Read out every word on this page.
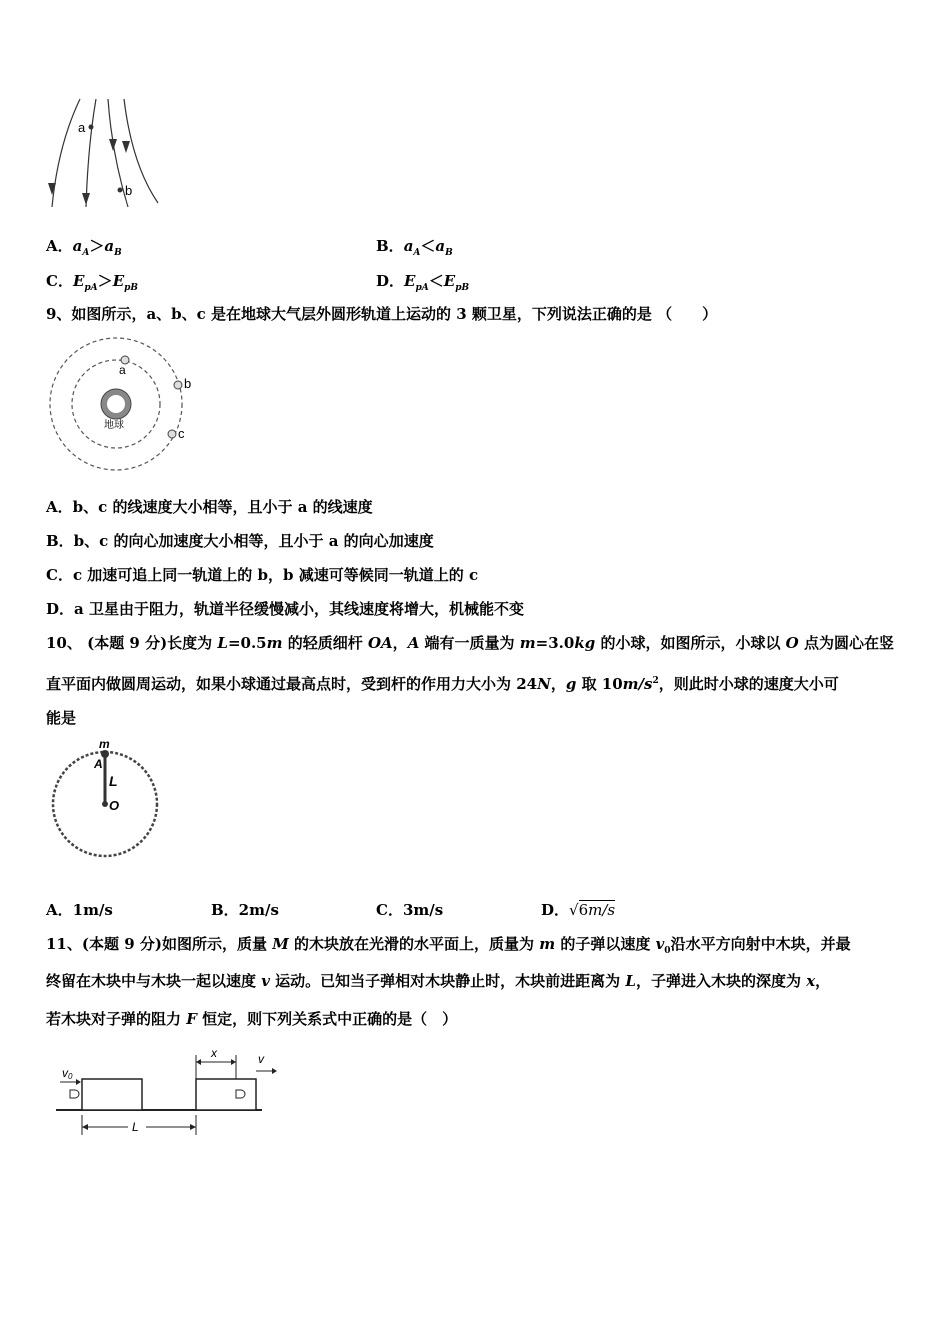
a
b
A．$a_A>a_B$	B．$a_A<a_B$
C．$E_{pA}>E_{pB}$	D．$E_{pA}<E_{pB}$
9、如图所示，a、b、c 是在地球大气层外圆形轨道上运动的 3 颗卫星，下列说法正确的是 （　　）
地球
a
b
c
A．b、c 的线速度大小相等，且小于 a 的线速度
B．b、c 的向心加速度大小相等，且小于 a 的向心加速度
C．c 加速可追上同一轨道上的 b，b 减速可等候同一轨道上的 c
D．a 卫星由于阻力，轨道半径缓慢减小，其线速度将增大，机械能不变
10、 (本题 9 分)长度为 L=0.5m 的轻质细杆 OA，A 端有一质量为 m=3.0kg 的小球，如图所示，小球以 O 点为圆心在竖
直平面内做圆周运动，如果小球通过最高点时，受到杆的作用力大小为 24N，g 取 $10m/s^2$，则此时小球的速度大小可
能是
m
A
L
O
A．1m/s	B．2m/s	C．3m/s	D．√6m/s
11、(本题 9 分)如图所示，质量 M 的木块放在光滑的水平面上，质量为 m 的子弹以速度 $v_0$沿水平方向射中木块，并最
终留在木块中与木块一起以速度 v 运动。已知当子弹相对木块静止时，木块前进距离为 L，子弹进入木块的深度为 x，
若木块对子弹的阻力 F 恒定，则下列关系式中正确的是（　）
v0
x	v
L
